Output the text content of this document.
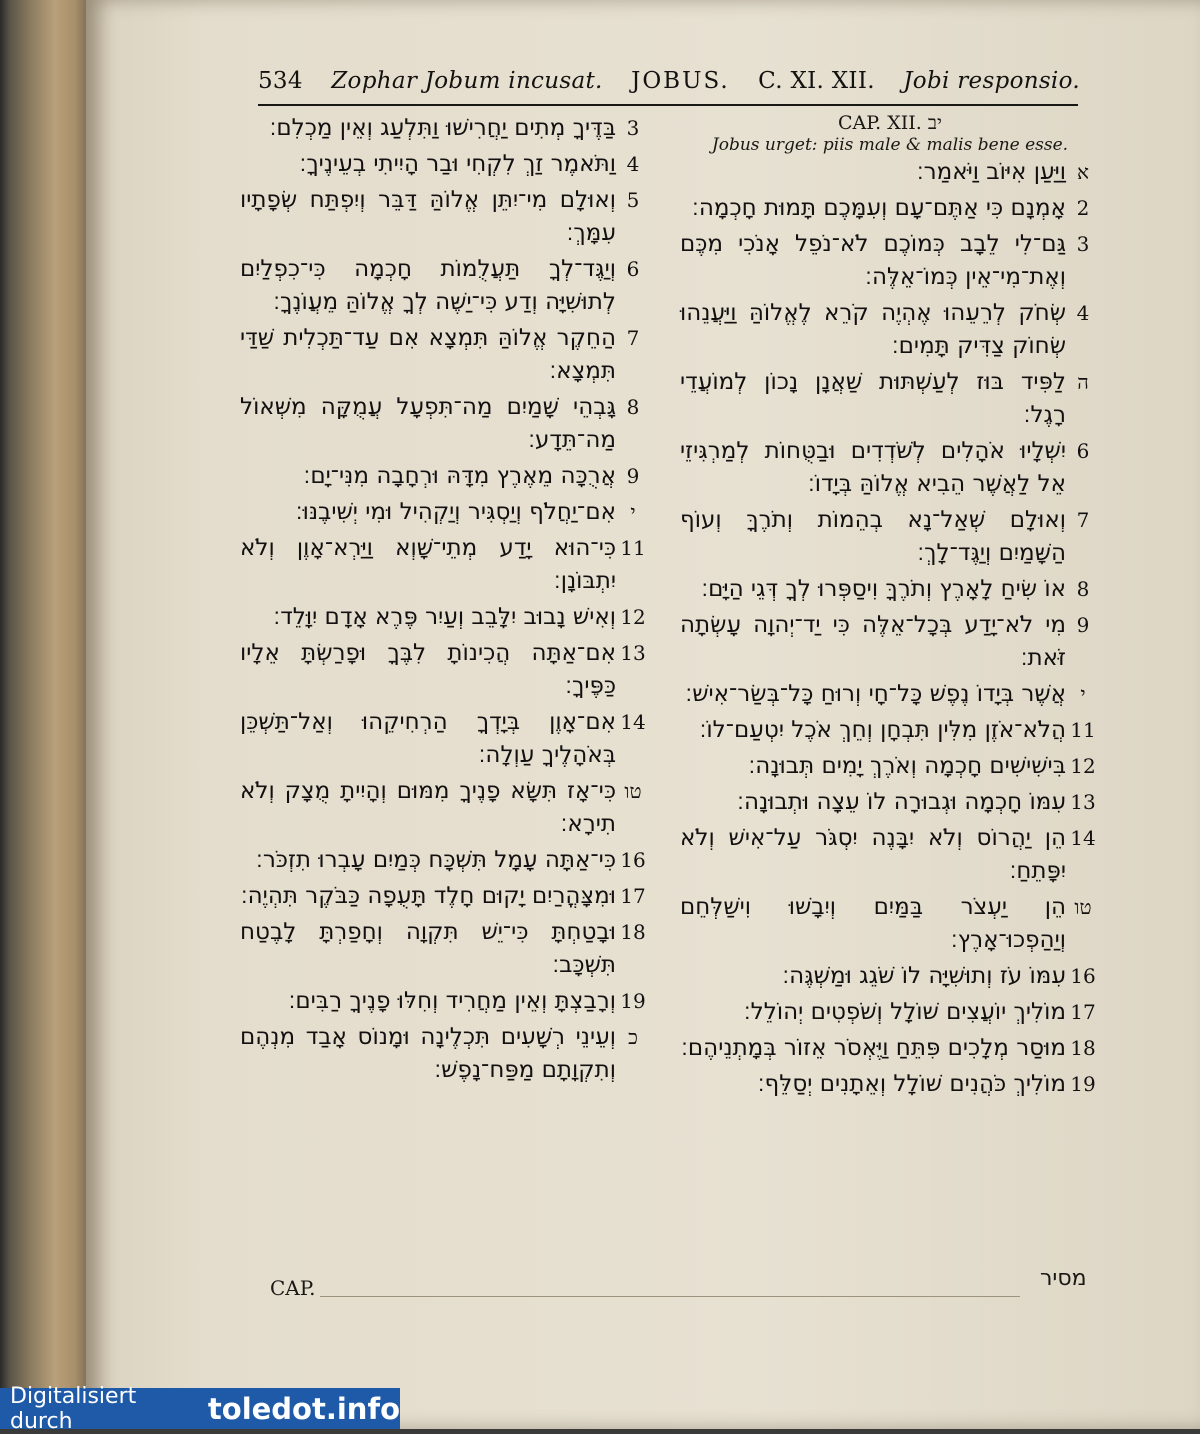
534 Zophar Jobum incusat. JOBUS. C. XI. XII. Jobi responsio.
CAP. XII. יב
Jobus urget: piis male & malis bene esse.
א
וַיַּעַן אִיּוֹב וַיֹּאמַר׃
2
אָמְנָם כִּי אַתֶּם־עָם וְעִמָּכֶם תָּמוּת חָכְמָה׃
3
גַּם־לִי לֵבָב כְּמוֹכֶם לֹא־נֹפֵל אָנֹכִי מִכֶּם וְאֶת־מִי־אֵין כְּמוֹ־אֵלֶּה׃
4
שְׂחֹק לְרֵעֵהוּ אֶהְיֶה קֹרֵא לֶאֱלוֹהַּ וַיַּעֲנֵהוּ שְׂחוֹק צַדִּיק תָּמִים׃
ה
לַפִּיד בּוּז לְעַשְׁתּוּת שַׁאֲנָן נָכוֹן לְמוֹעֲדֵי רָגֶל׃
6
יִשְׁלָיוּ אֹהָלִים לְשֹׁדְדִים וּבַטֻּחוֹת לְמַרְגִּיזֵי אֵל לַאֲשֶׁר הֵבִיא אֱלוֹהַּ בְּיָדוֹ׃
7
וְאוּלָם שְׁאַל־נָא בְהֵמוֹת וְתֹרֶךָּ וְעוֹף הַשָּׁמַיִם וְיַגֶּד־לָךְ׃
8
אוֹ שִׂיחַ לָאָרֶץ וְתֹרֶךָּ וִיסַפְּרוּ לְךָ דְּגֵי הַיָּם׃
9
מִי לֹא־יָדַע בְּכָל־אֵלֶּה כִּי יַד־יְהוָה עָשְׂתָה זֹּאת׃
י
אֲשֶׁר בְּיָדוֹ נֶפֶשׁ כָּל־חָי וְרוּחַ כָּל־בְּשַׂר־אִישׁ׃
11
הֲלֹא־אֹזֶן מִלִּין תִּבְחָן וְחֵךְ אֹכֶל יִטְעַם־לוֹ׃
12
בִּישִׁישִׁים חָכְמָה וְאֹרֶךְ יָמִים תְּבוּנָה׃
13
עִמּוֹ חָכְמָה וּגְבוּרָה לוֹ עֵצָה וּתְבוּנָה׃
14
הֵן יַהֲרוֹס וְלֹא יִבָּנֶה יִסְגֹּר עַל־אִישׁ וְלֹא יִפָּתֵחַ׃
טו
הֵן יַעְצֹר בַּמַּיִם וְיִבָשׁוּ וִישַׁלְּחֵם וְיַהַפְכוּ־אָרֶץ׃
16
עִמּוֹ עֹז וְתוּשִׁיָּה לוֹ שֹׁגֵג וּמַשְׁגֶּה׃
17
מוֹלִיךְ יוֹעֲצִים שׁוֹלָל וְשֹׁפְטִים יְהוֹלֵל׃
18
מוּסַר מְלָכִים פִּתֵּחַ וַיֶּאְסֹר אֵזוֹר בְּמָתְנֵיהֶם׃
19
מוֹלִיךְ כֹּהֲנִים שׁוֹלָל וְאֵתָנִים יְסַלֵּף׃
3
בַּדֶּיךָ מְתִים יַחֲרִישׁוּ וַתִּלְעַג וְאֵין מַכְלִם׃
4
וַתֹּאמֶר זַךְ לִקְחִי וּבַר הָיִיתִי בְעֵינֶיךָ׃
5
וְאוּלָם מִי־יִתֵּן אֱלוֹהַּ דַּבֵּר וְיִפְתַּח שְׂפָתָיו עִמָּךְ׃
6
וְיַגֶּד־לְךָ תַּעֲלֻמוֹת חָכְמָה כִּי־כִפְלַיִם לְתוּשִׁיָּה וְדַע כִּי־יַשֶּׁה לְךָ אֱלוֹהַּ מֵעֲוֺנֶךָ׃
7
הַחֵקֶר אֱלוֹהַּ תִּמְצָא אִם עַד־תַּכְלִית שַׁדַּי תִּמְצָא׃
8
גָּבְהֵי שָׁמַיִם מַה־תִּפְעָל עֲמֻקָּה מִשְּׁאוֹל מַה־תֵּדָע׃
9
אֲרֻכָּה מֵאֶרֶץ מִדָּהּ וּרְחָבָה מִנִּי־יָם׃
י
אִם־יַחֲלֹף וְיַסְגִּיר וְיַקְהִיל וּמִי יְשִׁיבֶנּוּ׃
11
כִּי־הוּא יָדַע מְתֵי־שָׁוְא וַיַּרְא־אָוֶן וְלֹא יִתְבּוֹנָן׃
12
וְאִישׁ נָבוּב יִלָּבֵב וְעַיִר פֶּרֶא אָדָם יִוָּלֵד׃
13
אִם־אַתָּה הֲכִינוֹתָ לִבֶּךָ וּפָרַשְׂתָּ אֵלָיו כַּפֶּיךָ׃
14
אִם־אָוֶן בְּיָדְךָ הַרְחִיקֵהוּ וְאַל־תַּשְׁכֵּן בְּאֹהָלֶיךָ עַוְלָה׃
טו
כִּי־אָז תִּשָּׂא פָנֶיךָ מִמּוּם וְהָיִיתָ מֻצָק וְלֹא תִירָא׃
16
כִּי־אַתָּה עָמָל תִּשְׁכָּח כְּמַיִם עָבְרוּ תִזְכֹּר׃
17
וּמִצָּהֳרַיִם יָקוּם חָלֶד תָּעֻפָה כַּבֹּקֶר תִּהְיֶה׃
18
וּבָטַחְתָּ כִּי־יֵשׁ תִּקְוָה וְחָפַרְתָּ לָבֶטַח תִּשְׁכָּב׃
19
וְרָבַצְתָּ וְאֵין מַחֲרִיד וְחִלּוּ פָנֶיךָ רַבִּים׃
כ
וְעֵינֵי רְשָׁעִים תִּכְלֶינָה וּמָנוֹס אָבַד מִנְהֶם וְתִקְוָתָם מַפַּח־נָפֶשׁ׃
CAP.	מסיר
Digitalisiert durch	toledot.info
